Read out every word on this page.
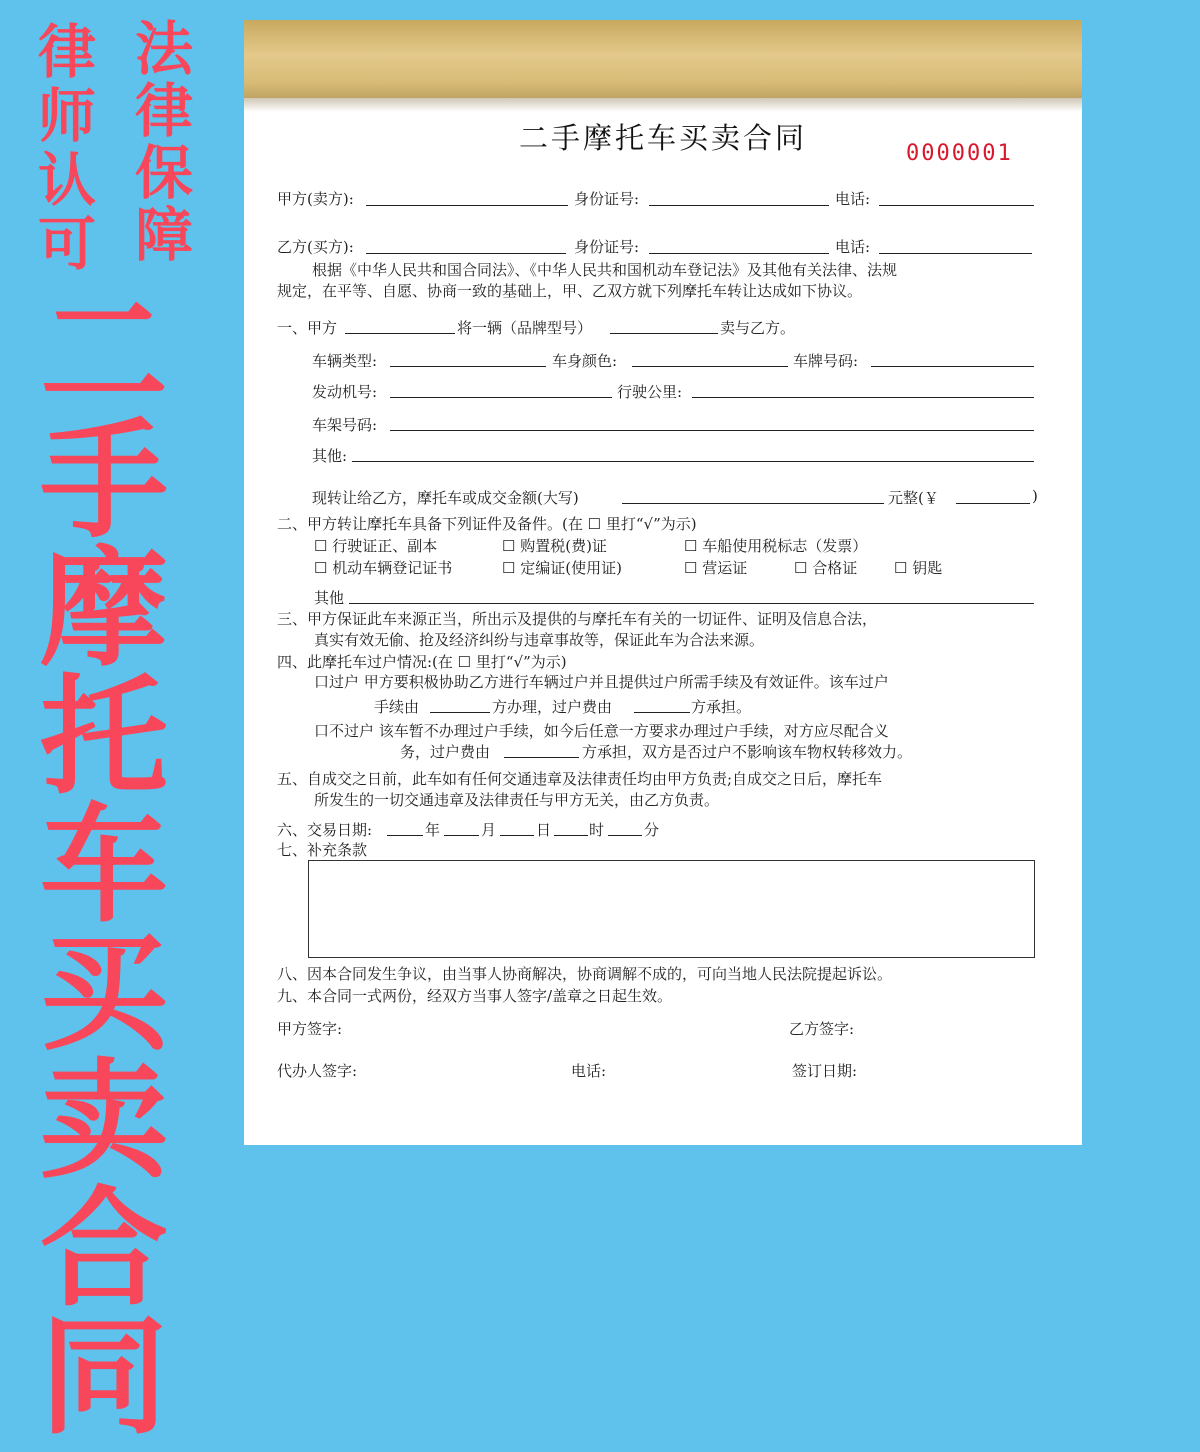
律
师
认
可
法
律
保
障
二
手
摩
托
车
买
卖
合
同
二手摩托车买卖合同	0000001
甲方(卖方):	身份证号:	电话:
乙方(买方):	身份证号:	电话:
根据《中华人民共和国合同法》、《中华人民共和国机动车登记法》及其他有关法律、法规
规定，在平等、自愿、协商一致的基础上，甲、乙双方就下列摩托车转让达成如下协议。
一、甲方	将一辆（品牌型号）	卖与乙方。
车辆类型:	车身颜色:	车牌号码:
发动机号:	行驶公里:
车架号码:
其他:
现转让给乙方，摩托车或成交金额(大写)	元整(￥	)
二、甲方转让摩托车具备下列证件及备件。(在 ☐ 里打“√”为示)
☐ 行驶证正、副本	☐ 购置税(费)证	☐ 车船使用税标志（发票）
☐ 机动车辆登记证书	☐ 定编证(使用证)	☐ 营运证	☐ 合格证 ☐ 钥匙
其他
三、甲方保证此车来源正当，所出示及提供的与摩托车有关的一切证件、证明及信息合法，
真实有效无偷、抢及经济纠纷与违章事故等，保证此车为合法来源。
四、此摩托车过户情况:(在 ☐ 里打“√”为示)
口过户 甲方要积极协助乙方进行车辆过户并且提供过户所需手续及有效证件。该车过户
手续由	方办理，过户费由	方承担。
口不过户 该车暂不办理过户手续，如今后任意一方要求办理过户手续，对方应尽配合义
务，过户费由	方承担，双方是否过户不影响该车物权转移效力。
五、自成交之日前，此车如有任何交通违章及法律责任均由甲方负责;自成交之日后，摩托车
所发生的一切交通违章及法律责任与甲方无关，由乙方负责。
六、交易日期:	年	月	日	时	分
七、补充条款
八、因本合同发生争议，由当事人协商解决，协商调解不成的，可向当地人民法院提起诉讼。
九、本合同一式两份，经双方当事人签字/盖章之日起生效。
甲方签字:	乙方签字:
代办人签字:	电话:	签订日期:
